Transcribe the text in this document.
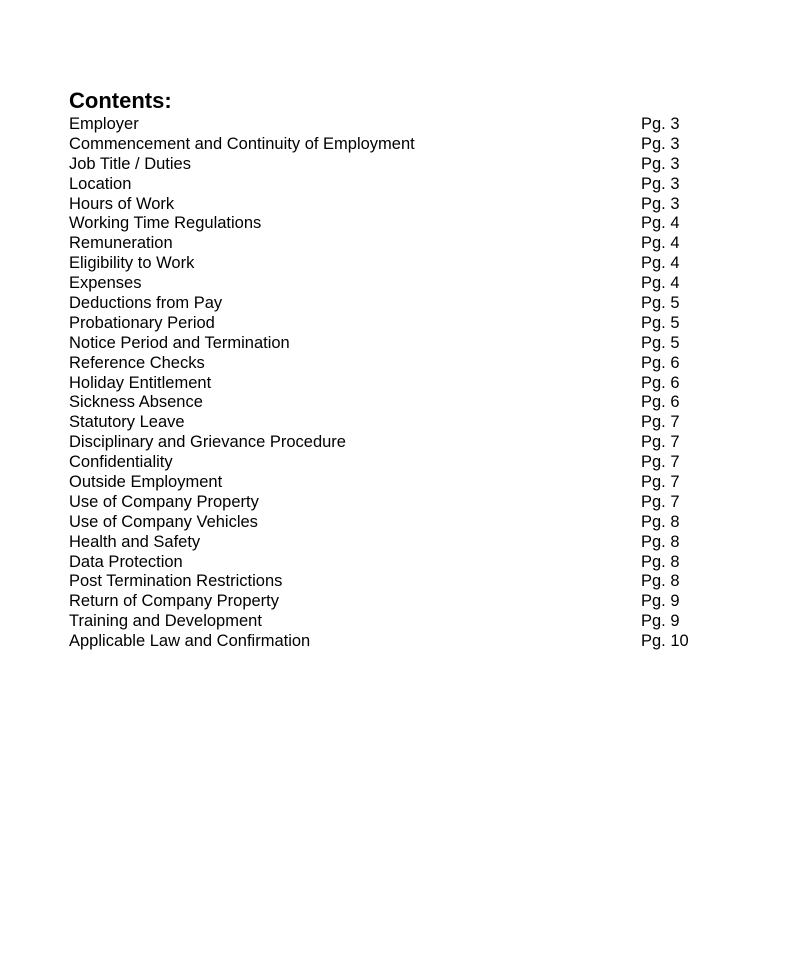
Contents:
Employer	Pg. 3
Commencement and Continuity of Employment	Pg. 3
Job Title / Duties	Pg. 3
Location	Pg. 3
Hours of Work	Pg. 3
Working Time Regulations	Pg. 4
Remuneration	Pg. 4
Eligibility to Work	Pg. 4
Expenses	Pg. 4
Deductions from Pay	Pg. 5
Probationary Period	Pg. 5
Notice Period and Termination	Pg. 5
Reference Checks	Pg. 6
Holiday Entitlement	Pg. 6
Sickness Absence	Pg. 6
Statutory Leave	Pg. 7
Disciplinary and Grievance Procedure	Pg. 7
Confidentiality	Pg. 7
Outside Employment	Pg. 7
Use of Company Property	Pg. 7
Use of Company Vehicles	Pg. 8
Health and Safety	Pg. 8
Data Protection	Pg. 8
Post Termination Restrictions	Pg. 8
Return of Company Property	Pg. 9
Training and Development	Pg. 9
Applicable Law and Confirmation	Pg. 10
